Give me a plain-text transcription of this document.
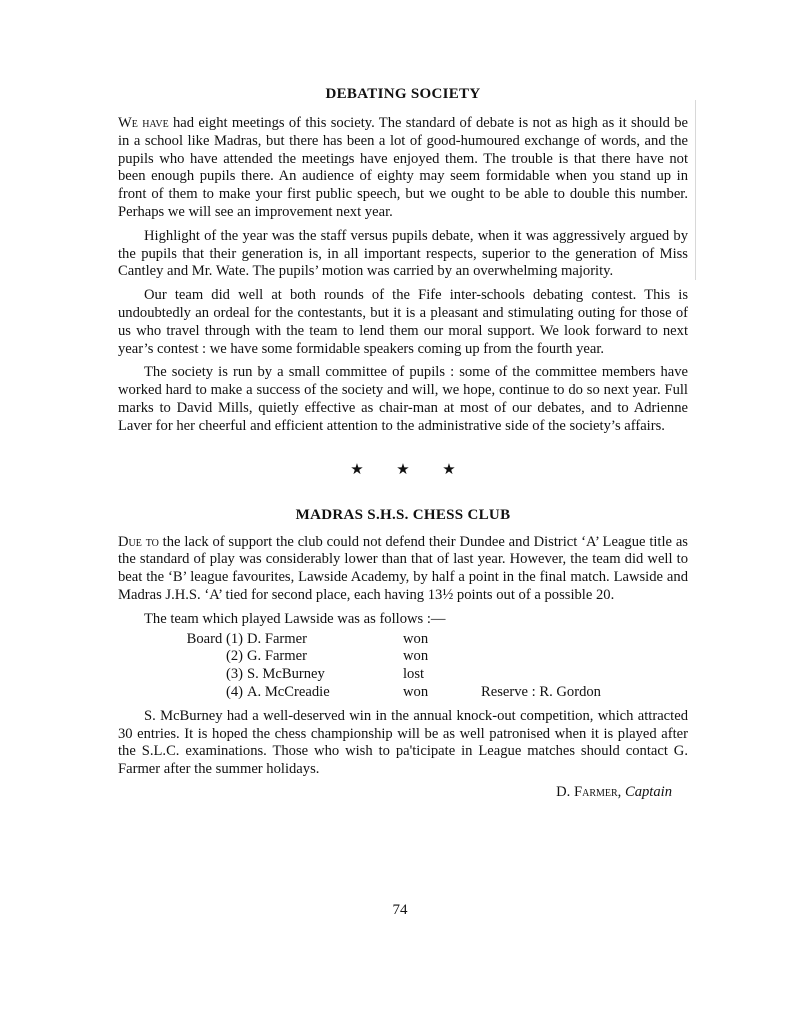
DEBATING SOCIETY

We have had eight meetings of this society. The standard of debate is not as high as it should be in a school like Madras, but there has been a lot of good-humoured exchange of words, and the pupils who have attended the meetings have enjoyed them. The trouble is that there have not been enough pupils there. An audience of eighty may seem formidable when you stand up in front of them to make your first public speech, but we ought to be able to double this number. Perhaps we will see an improvement next year.

Highlight of the year was the staff versus pupils debate, when it was aggressively argued by the pupils that their generation is, in all important respects, superior to the generation of Miss Cantley and Mr. Wate. The pupils’ motion was carried by an overwhelming majority.

Our team did well at both rounds of the Fife inter-schools debating contest. This is undoubtedly an ordeal for the contestants, but it is a pleasant and stimulating outing for those of us who travel through with the team to lend them our moral support. We look forward to next year’s contest : we have some formidable speakers coming up from the fourth year.

The society is run by a small committee of pupils : some of the committee members have worked hard to make a success of the society and will, we hope, continue to do so next year. Full marks to David Mills, quietly effective as chair-man at most of our debates, and to Adrienne Laver for her cheerful and efficient attention to the administrative side of the society’s affairs.

★ ★ ★
MADRAS S.H.S. CHESS CLUB

Due to the lack of support the club could not defend their Dundee and District ‘A’ League title as the standard of play was considerably lower than that of last year. However, the team did well to beat the ‘B’ league favourites, Lawside Academy, by half a point in the final match. Lawside and Madras J.H.S. ‘A’ tied for second place, each having 13½ points out of a possible 20.

The team which played Lawside was as follows :—

Board (1) D. Farmer	won
(2) G. Farmer	won
(3) S. McBurney	lost
(4) A. McCreadie	won	Reserve : R. Gordon

S. McBurney had a well-deserved win in the annual knock-out competition, which attracted 30 entries. It is hoped the chess championship will be as well patronised when it is played after the S.L.C. examinations. Those who wish to pa'ticipate in League matches should contact G. Farmer after the summer holidays.

D. Farmer, Captain
74
